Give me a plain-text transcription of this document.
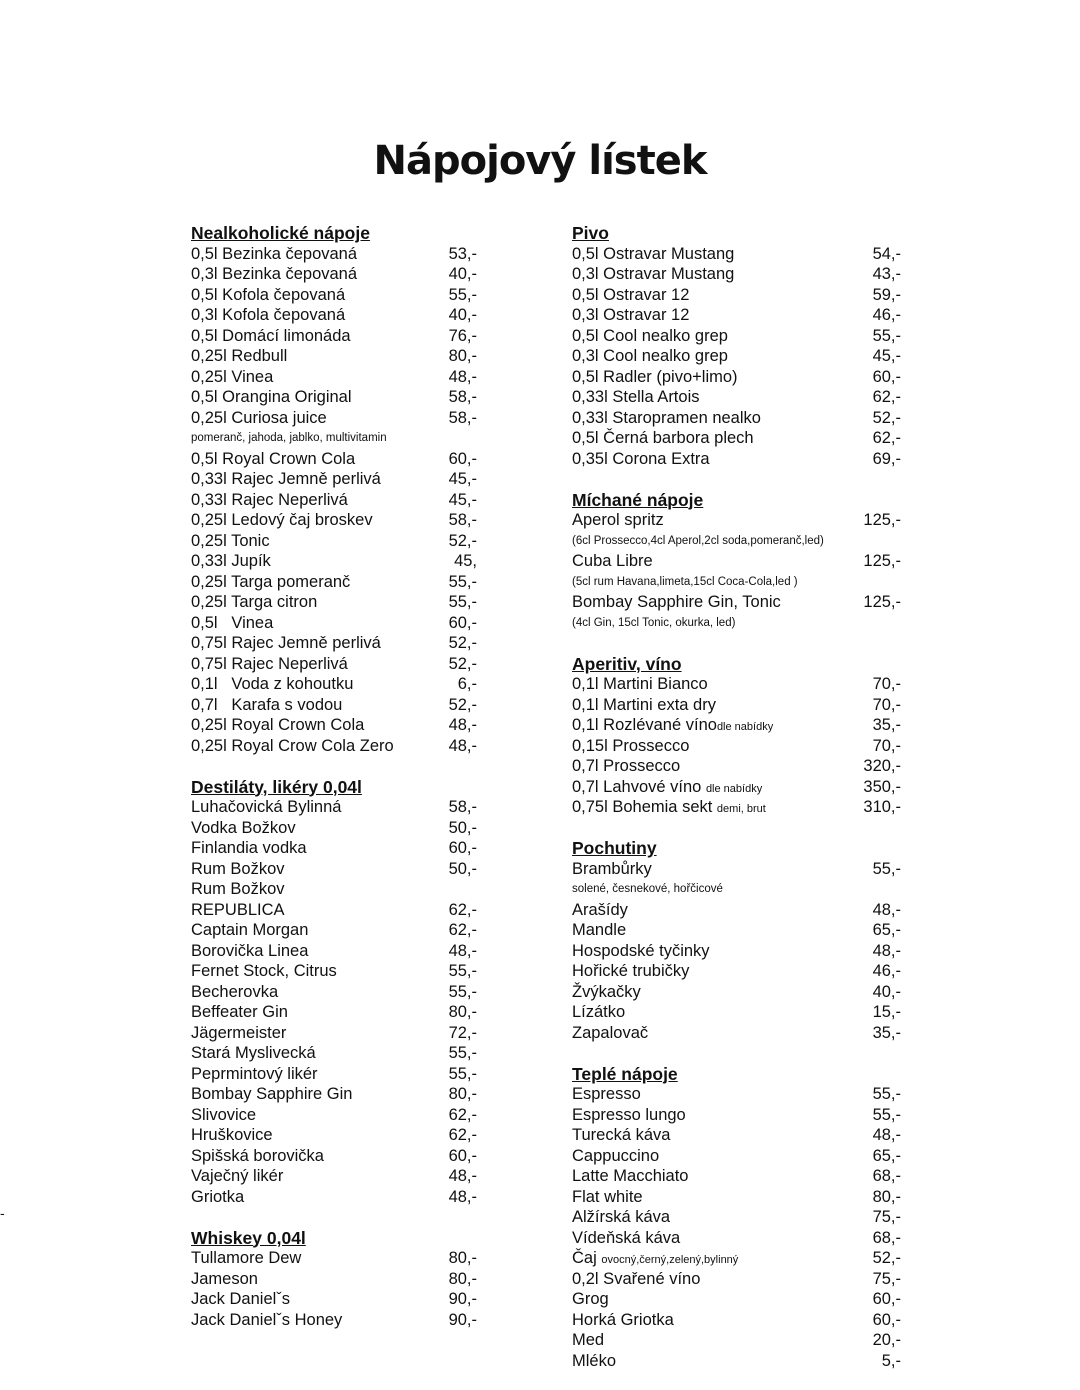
Nápojový lístek
Nealkoholické nápoje
0,5l Bezinka čepovaná	53,-
0,3l Bezinka čepovaná	40,-
0,5l Kofola čepovaná	55,-
0,3l Kofola čepovaná	40,-
0,5l Domácí limonáda	76,-
0,25l Redbull	80,-
0,25l Vinea	48,-
0,5l Orangina Original	58,-
0,25l Curiosa juice	58,-
pomeranč, jahoda, jablko, multivitamin
0,5l Royal Crown Cola	60,-
0,33l Rajec Jemně perlivá	45,-
0,33l Rajec Neperlivá	45,-
0,25l Ledový čaj broskev	58,-
0,25l Tonic	52,-
0,33l Jupík	45,
0,25l Targa pomeranč	55,-
0,25l Targa citron	55,-
0,5l   Vinea	60,-
0,75l Rajec Jemně perlivá	52,-
0,75l Rajec Neperlivá	52,-
0,1l   Voda z kohoutku	6,-
0,7l   Karafa s vodou	52,-
0,25l Royal Crown Cola	48,-
0,25l Royal Crow Cola Zero	48,-
Destiláty, likéry 0,04l
Luhačovická Bylinná	58,-
Vodka Božkov	50,-
Finlandia vodka	60,-
Rum Božkov	50,-
Rum Božkov
REPUBLICA	62,-
Captain Morgan	62,-
Borovička Linea	48,-
Fernet Stock, Citrus	55,-
Becherovka	55,-
Beffeater Gin	80,-
Jägermeister	72,-
Stará Myslivecká	55,-
Peprmintový likér	55,-
Bombay Sapphire Gin	80,-
Slivovice	62,-
Hruškovice	62,-
Spišská borovička	60,-
Vaječný likér	48,-
Griotka	48,-
Whiskey 0,04l
Tullamore Dew	80,-
Jameson	80,-
Jack Danielˇs	90,-
Jack Danielˇs Honey	90,-
Pivo
0,5l Ostravar Mustang	54,-
0,3l Ostravar Mustang	43,-
0,5l Ostravar 12	59,-
0,3l Ostravar 12	46,-
0,5l Cool nealko grep	55,-
0,3l Cool nealko grep	45,-
0,5l Radler (pivo+limo)	60,-
0,33l Stella Artois	62,-
0,33l Staropramen nealko	52,-
0,5l Černá barbora plech	62,-
0,35l Corona Extra	69,-
Míchané nápoje
Aperol spritz	125,-
(6cl Prossecco,4cl Aperol,2cl soda,pomeranč,led)
Cuba Libre	125,-
(5cl rum Havana,limeta,15cl Coca-Cola,led )
Bombay Sapphire Gin, Tonic	125,-
(4cl Gin, 15cl Tonic, okurka, led)
Aperitiv, víno
0,1l Martini Bianco	70,-
0,1l Martini exta dry	70,-
0,1l Rozlévané vínodle nabídky	35,-
0,15l Prossecco	70,-
0,7l Prossecco	320,-
0,7l Lahvové víno dle nabídky	350,-
0,75l Bohemia sekt demi, brut	310,-
Pochutiny
Brambůrky	55,-
solené, česnekové, hořčicové
Arašídy	48,-
Mandle	65,-
Hospodské tyčinky	48,-
Hořické trubičky	46,-
Žvýkačky	40,-
Lízátko	15,-
Zapalovač	35,-
Teplé nápoje
Espresso	55,-
Espresso lungo	55,-
Turecká káva	48,-
Cappuccino	65,-
Latte Macchiato	68,-
Flat white	80,-
Alžírská káva	75,-
Vídeňská káva	68,-
Čaj ovocný,černý,zelený,bylinný	52,-
0,2l Svařené víno	75,-
Grog	60,-
Horká Griotka	60,-
Med	20,-
Mléko	5,-
-
